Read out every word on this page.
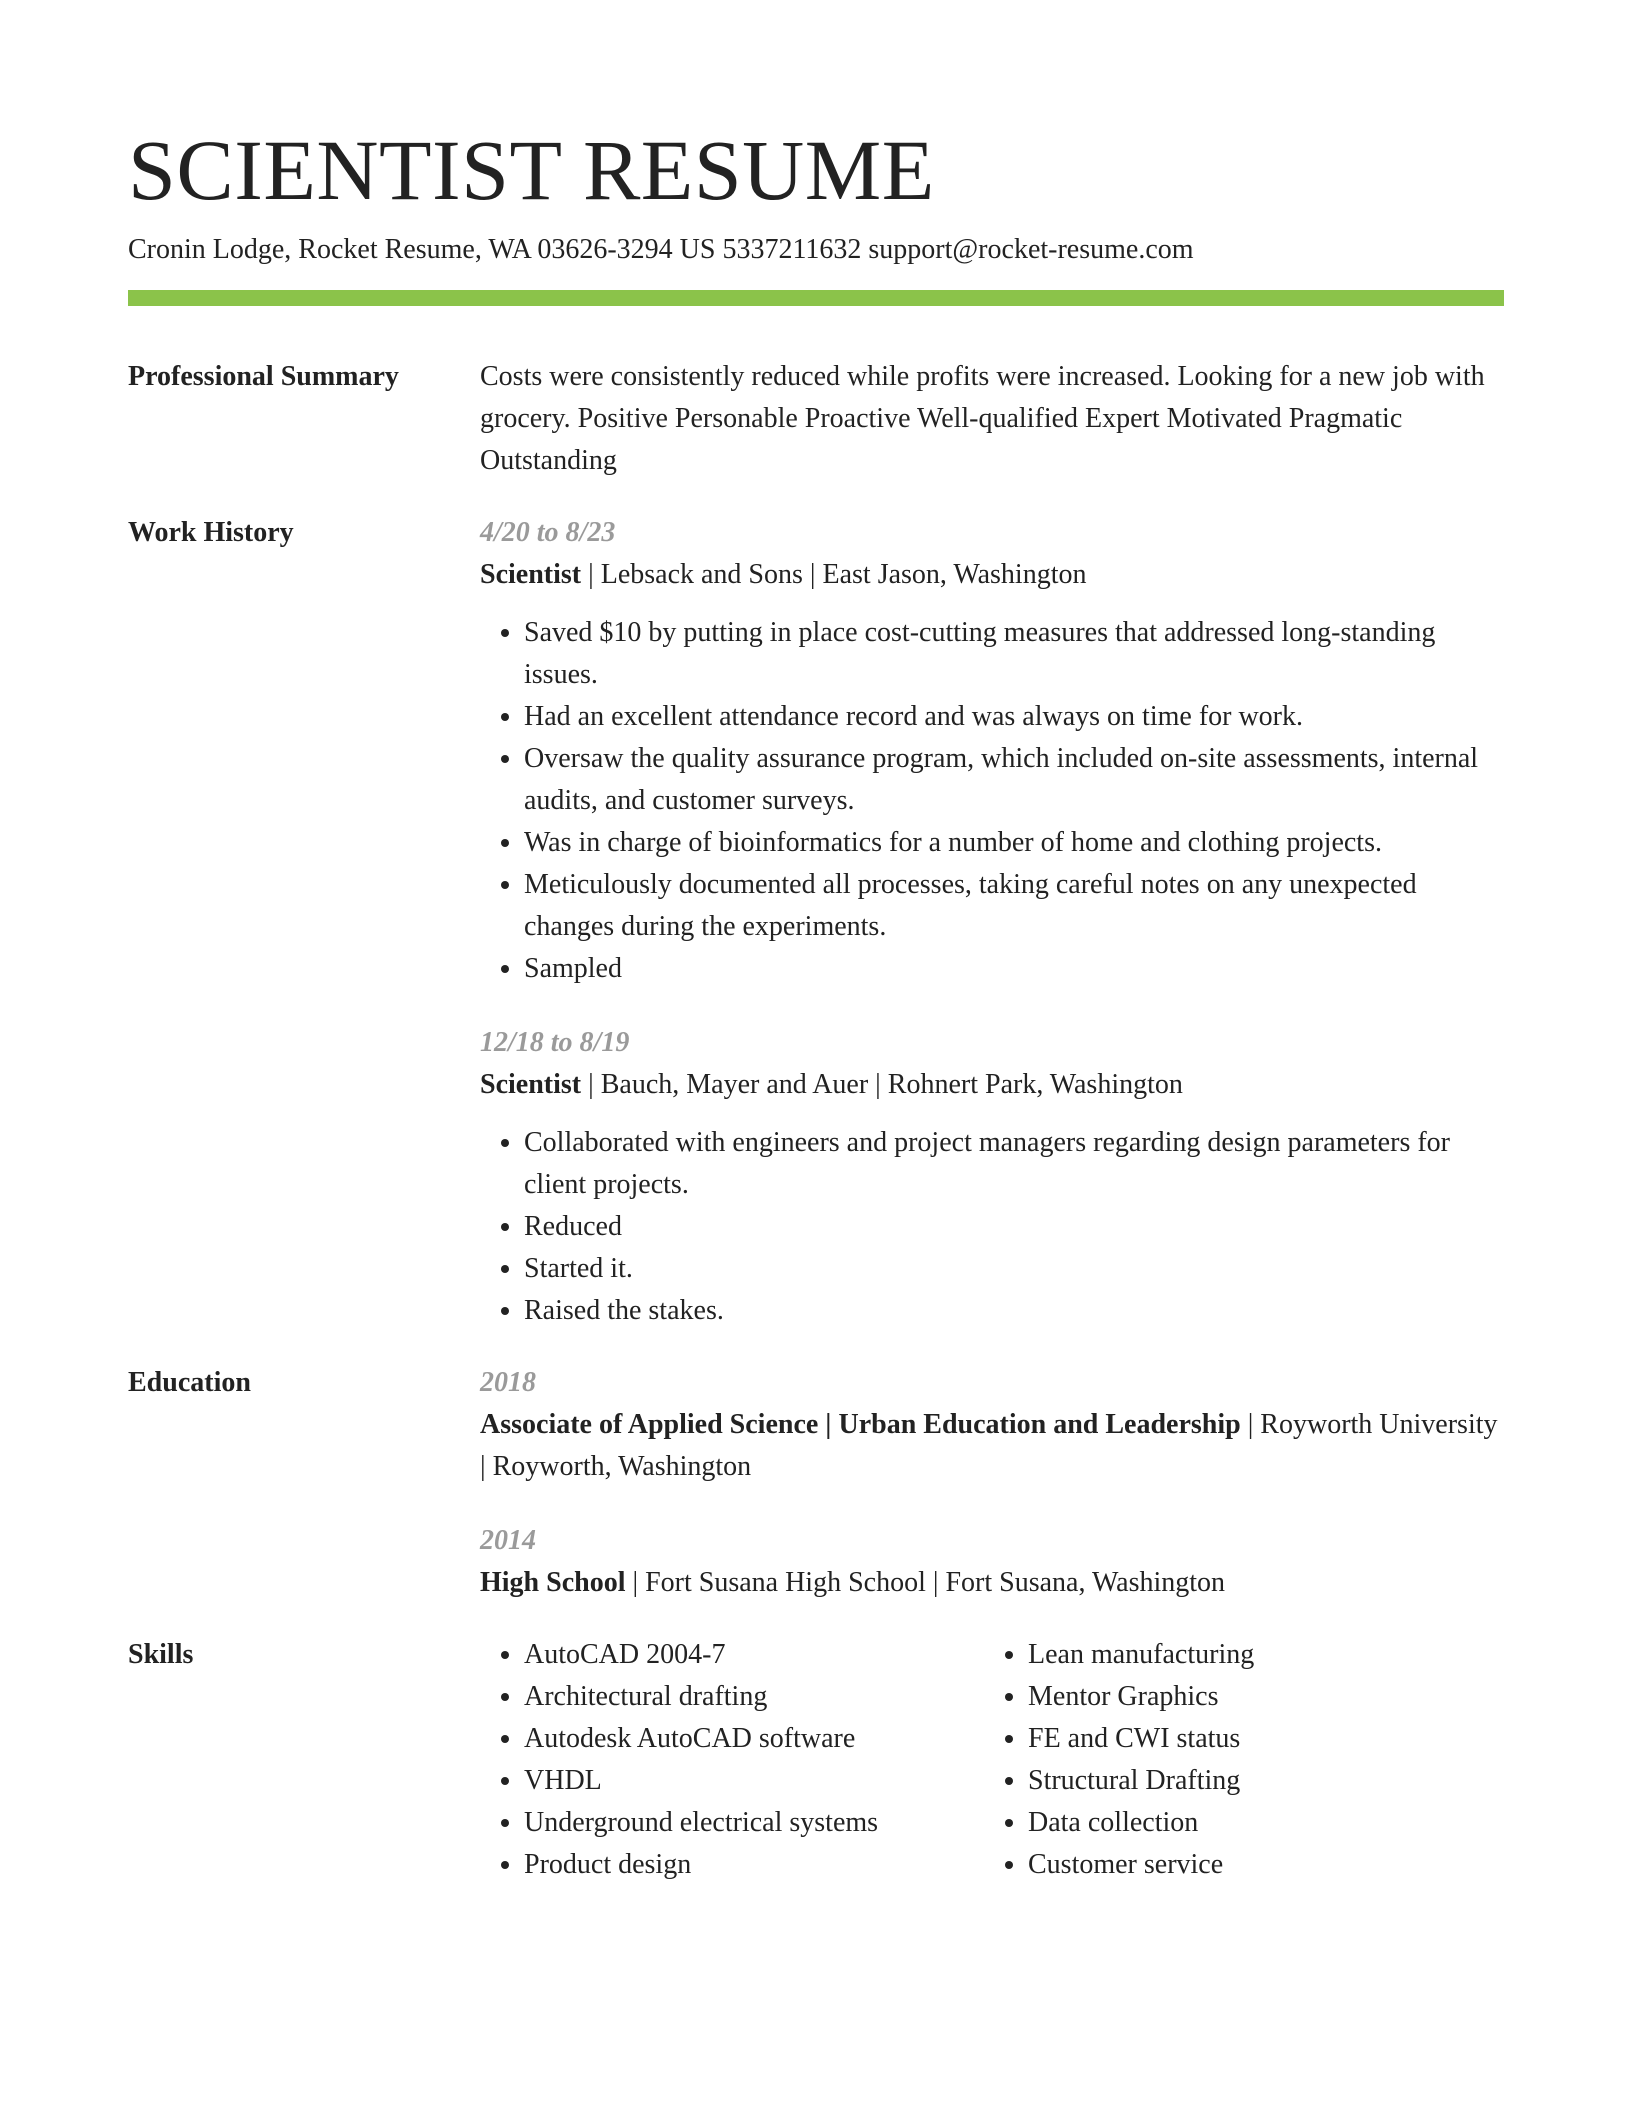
SCIENTIST RESUME
Cronin Lodge, Rocket Resume, WA 03626-3294 US 5337211632 support@rocket-resume.com
Professional Summary	Costs were consistently reduced while profits were increased. Looking for a new job with grocery. Positive Personable Proactive Well-qualified Expert Motivated Pragmatic Outstanding
Work History	4/20 to 8/23
Scientist | Lebsack and Sons | East Jason, Washington
• Saved $10 by putting in place cost-cutting measures that addressed long-standing issues.
• Had an excellent attendance record and was always on time for work.
• Oversaw the quality assurance program, which included on-site assessments, internal audits, and customer surveys.
• Was in charge of bioinformatics for a number of home and clothing projects.
• Meticulously documented all processes, taking careful notes on any unexpected changes during the experiments.
• Sampled
12/18 to 8/19
Scientist | Bauch, Mayer and Auer | Rohnert Park, Washington
• Collaborated with engineers and project managers regarding design parameters for client projects.
• Reduced
• Started it.
• Raised the stakes.
Education	2018
Associate of Applied Science | Urban Education and Leadership | Royworth University | Royworth, Washington
2014
High School | Fort Susana High School | Fort Susana, Washington
Skills
•	AutoCAD 2004-7
• Architectural drafting
• Autodesk AutoCAD software
• VHDL
• Underground electrical systems
• Product design
• Lean manufacturing
• Mentor Graphics
• FE and CWI status
• Structural Drafting
• Data collection
• Customer service
